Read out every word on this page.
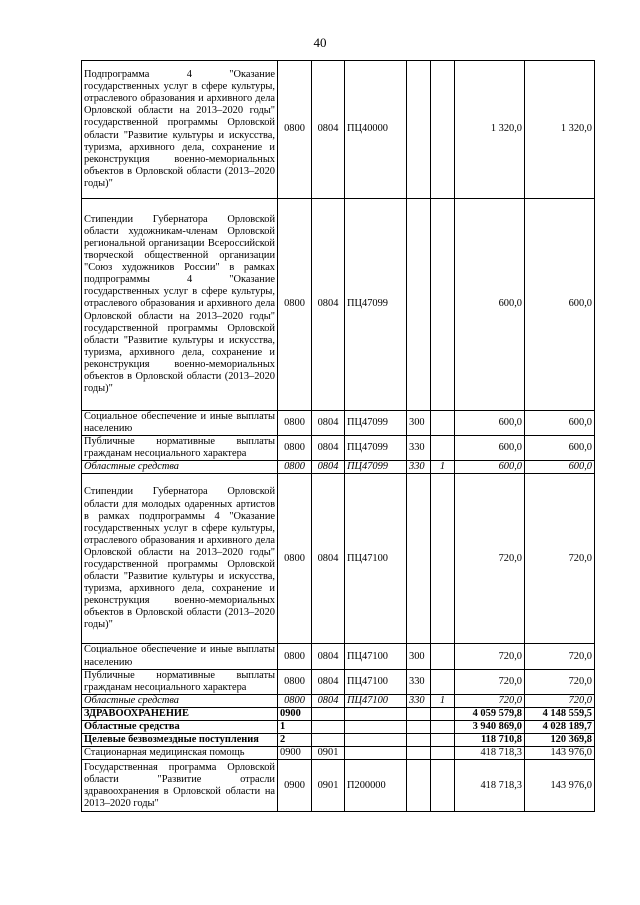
40
Подпрограмма 4 "Оказание государственных услуг в сфере культуры, отраслевого образования и архивного дела Орловской области на 2013–2020 годы" государственной программы Орловской области "Развитие культуры и искусства, туризма, архивного дела, сохранение и реконструкция военно-мемориальных объектов в Орловской области (2013–2020 годы)"	0800	0804	ПЦ40000			1 320,0	1 320,0
Стипендии Губернатора Орловской области художникам-членам Орловской региональной организации Всероссийской творческой общественной организации "Союз художников России" в рамках подпрограммы 4 "Оказание государственных услуг в сфере культуры, отраслевого образования и архивного дела Орловской области на 2013–2020 годы" государственной программы Орловской области "Развитие культуры и искусства, туризма, архивного дела, сохранение и реконструкция военно-мемориальных объектов в Орловской области (2013–2020 годы)"	0800	0804	ПЦ47099			600,0	600,0
Социальное обеспечение и иные выплаты населению	0800	0804	ПЦ47099	300		600,0	600,0
Публичные нормативные выплаты гражданам несоциального характера	0800	0804	ПЦ47099	330		600,0	600,0
Областные средства	0800	0804	ПЦ47099	330	1	600,0	600,0
Стипендии Губернатора Орловской области для молодых одаренных артистов в рамках подпрограммы 4 "Оказание государственных услуг в сфере культуры, отраслевого образования и архивного дела Орловской области на 2013–2020 годы" государственной программы Орловской области "Развитие культуры и искусства, туризма, архивного дела, сохранение и реконструкция военно-мемориальных объектов в Орловской области (2013–2020 годы)"	0800	0804	ПЦ47100			720,0	720,0
Социальное обеспечение и иные выплаты населению	0800	0804	ПЦ47100	300		720,0	720,0
Публичные нормативные выплаты гражданам несоциального характера	0800	0804	ПЦ47100	330		720,0	720,0
Областные средства	0800	0804	ПЦ47100	330	1	720,0	720,0
ЗДРАВООХРАНЕНИЕ	0900					4 059 579,8	4 148 559,5
Областные средства	1					3 940 869,0	4 028 189,7
Целевые безвозмездные поступления	2					118 710,8	120 369,8
Стационарная медицинская помощь	0900	0901				418 718,3	143 976,0
Государственная программа Орловской области "Развитие отрасли здравоохранения в Орловской области на 2013–2020 годы"	0900	0901	П200000			418 718,3	143 976,0
